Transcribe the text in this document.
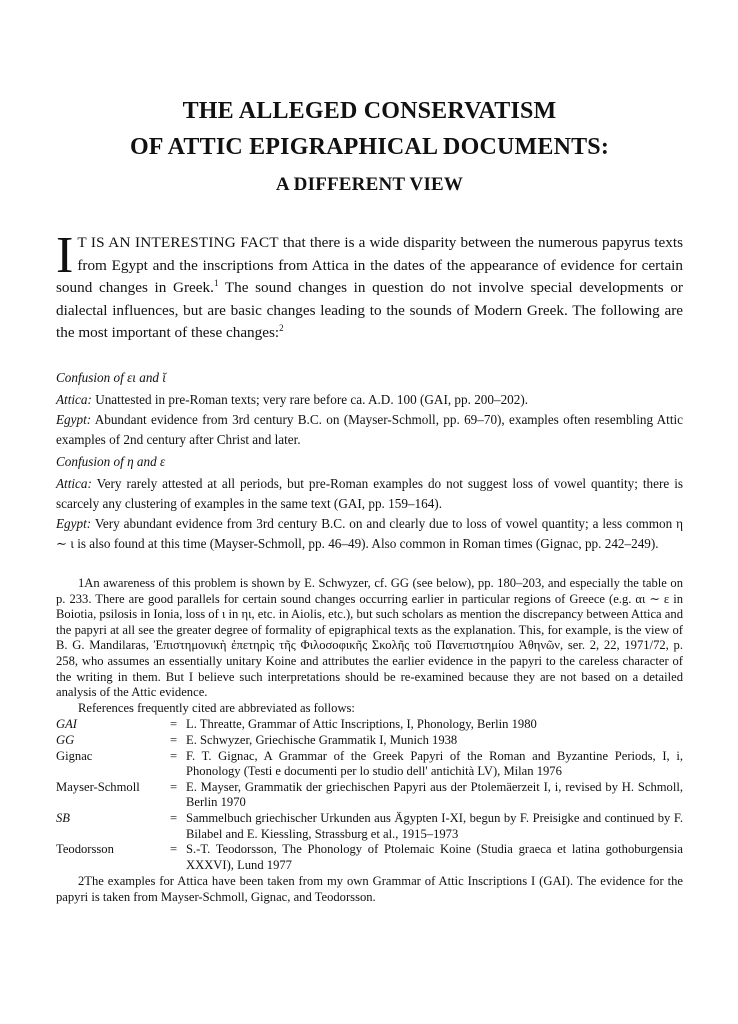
THE ALLEGED CONSERVATISM
OF ATTIC EPIGRAPHICAL DOCUMENTS:
A DIFFERENT VIEW

I T IS AN INTERESTING FACT that there is a wide disparity between the numerous papyrus texts from Egypt and the inscriptions from Attica in the dates of the appearance of evidence for certain sound changes in Greek.$^1$ The sound changes in question do not involve special developments or dialectal influences, but are basic changes leading to the sounds of Modern Greek. The following are the most important of these changes:$^2$

Confusion of ει and ῐ

Attica: Unattested in pre-Roman texts; very rare before ca. A.D. 100 (GAI, pp. 200–202).

Egypt: Abundant evidence from 3rd century B.C. on (Mayser-Schmoll, pp. 69–70), examples often resembling Attic examples of 2nd century after Christ and later.

Confusion of η and ε

Attica: Very rarely attested at all periods, but pre-Roman examples do not suggest loss of vowel quantity; there is scarcely any clustering of examples in the same text (GAI, pp. 159–164).

Egypt: Very abundant evidence from 3rd century B.C. on and clearly due to loss of vowel quantity; a less common η ∼ ι is also found at this time (Mayser-Schmoll, pp. 46–49). Also common in Roman times (Gignac, pp. 242–249).

1An awareness of this problem is shown by E. Schwyzer, cf. GG (see below), pp. 180–203, and especially the table on p. 233. There are good parallels for certain sound changes occurring earlier in particular regions of Greece (e.g. αι ∼ ε in Boiotia, psilosis in Ionia, loss of ι in ηι, etc. in Aiolis, etc.), but such scholars as mention the discrepancy between Attica and the papyri at all see the greater degree of formality of epigraphical texts as the explanation. This, for example, is the view of B. G. Mandilaras, Ἐπιστημονικὴ ἐπετηρὶς τῆς Φιλοσοφικῆς Σκολῆς τοῦ Πανεπιστημίου Ἀθηνῶν, ser. 2, 22, 1971/72, p. 258, who assumes an essentially unitary Koine and attributes the earlier evidence in the papyri to the careless character of the writing in them. But I believe such interpretations should be re-examined because they are not based on a detailed analysis of the Attic evidence.

References frequently cited are abbreviated as follows:

GAI	=	L. Threatte, Grammar of Attic Inscriptions, I, Phonology, Berlin 1980
GG	=	E. Schwyzer, Griechische Grammatik I, Munich 1938
Gignac	=	F. T. Gignac, A Grammar of the Greek Papyri of the Roman and Byzantine Periods, I, i, Phonology (Testi e documenti per lo studio dell' antichità LV), Milan 1976
Mayser-Schmoll	=	E. Mayser, Grammatik der griechischen Papyri aus der Ptolemäerzeit I, i, revised by H. Schmoll, Berlin 1970
SB	=	Sammelbuch griechischer Urkunden aus Ägypten I-XI, begun by F. Preisigke and continued by F. Bilabel and E. Kiessling, Strassburg et al., 1915–1973
Teodorsson	=	S.-T. Teodorsson, The Phonology of Ptolemaic Koine (Studia graeca et latina gothoburgensia XXXVI), Lund 1977

2The examples for Attica have been taken from my own Grammar of Attic Inscriptions I (GAI). The evidence for the papyri is taken from Mayser-Schmoll, Gignac, and Teodorsson.
